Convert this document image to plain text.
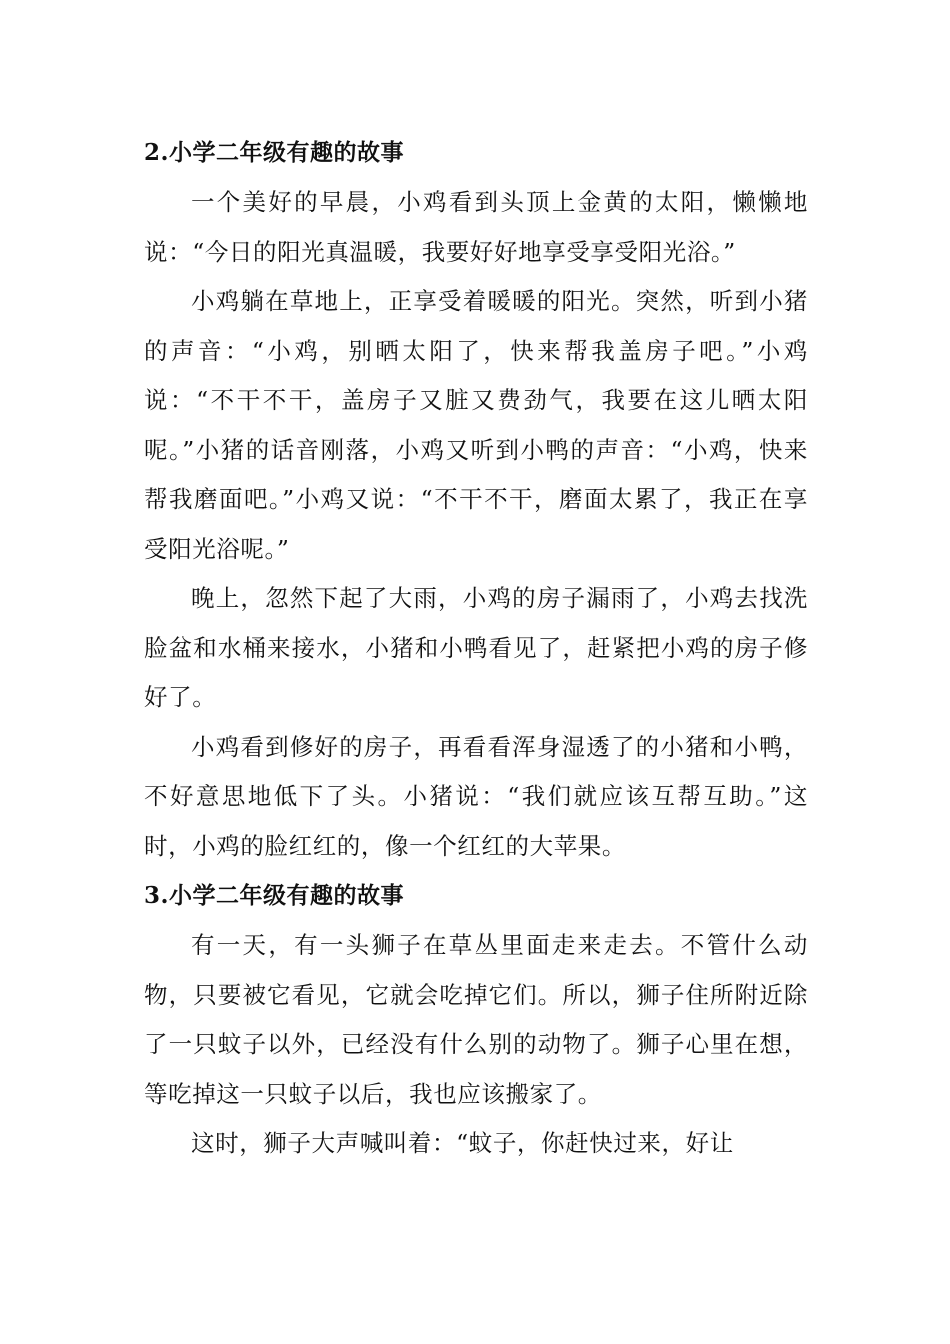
2.小学二年级有趣的故事

一个美好的早晨，小鸡看到头顶上金黄的太阳，懒懒地说：“今日的阳光真温暖，我要好好地享受享受阳光浴。”

小鸡躺在草地上，正享受着暖暖的阳光。突然，听到小猪的声音：“小鸡，别晒太阳了，快来帮我盖房子吧。”小鸡说：“不干不干，盖房子又脏又费劲气，我要在这儿晒太阳呢。”小猪的话音刚落，小鸡又听到小鸭的声音：“小鸡，快来帮我磨面吧。”小鸡又说：“不干不干，磨面太累了，我正在享受阳光浴呢。”

晚上，忽然下起了大雨，小鸡的房子漏雨了，小鸡去找洗脸盆和水桶来接水，小猪和小鸭看见了，赶紧把小鸡的房子修好了。

小鸡看到修好的房子，再看看浑身湿透了的小猪和小鸭，不好意思地低下了头。小猪说：“我们就应该互帮互助。”这时，小鸡的脸红红的，像一个红红的大苹果。

3.小学二年级有趣的故事

有一天，有一头狮子在草丛里面走来走去。不管什么动物，只要被它看见，它就会吃掉它们。所以，狮子住所附近除了一只蚊子以外，已经没有什么别的动物了。狮子心里在想，等吃掉这一只蚊子以后，我也应该搬家了。

这时，狮子大声喊叫着：“蚊子，你赶快过来，好让
